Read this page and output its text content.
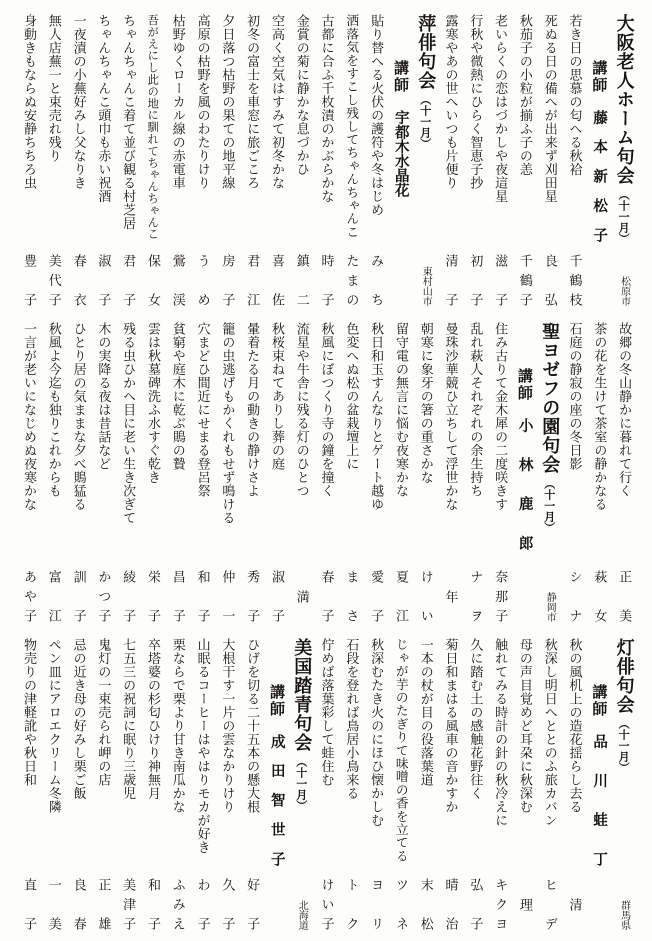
大阪老人ホーム句会
（十一月）
松原市
講師
藤本新松子
若き日の思慕の匂へる秋袷
千鶴枝
死ぬる日の備へが出来ず刈田星
良弘
秋茄子の小粒が揃ふ子の恙
千鶴子
老いらくの恋はづかしや夜這星
滋子
行秋や微熱にひらく智恵子抄
初子
露寒やあの世へいつも片便り
清子
萍俳句会
（十一月）
東村山市
講師
宇都木水晶花
貼り替へる火伏の護符や冬はじめ
みち
洒落気をすこし残してちゃんちゃんこ
たまの
古都に合ふ千枚漬のかぶらかな
時子
金賞の菊に静かな息づかひ
鎮二
空高く空気はすみて初冬かな
喜佐
初冬の富士を車窓に旅ごころ
君江
夕日落つ枯野の果ての地平線
房子
高原の枯野を風のわたりけり
うめ
枯野ゆくローカル線の赤電車
鶯渓
吾がえにし此の地に馴れてちゃんちゃんこ
保女
ちゃんちゃんこ着て並び観る村芝居
君子
ちゃんちゃんこ頭巾も赤い祝酒
淑子
一夜漬の小蕪好みし父なりき
春衣
無人店蕪一と束売れ残り
美代子
身動きもならぬ安静ちちろ虫
豊子
故郷の冬山静かに暮れて行く
正美
茶の花を生けて茶室の静かなる
萩女
石庭の静寂の座の冬日影
シナ
聖ヨゼフの園句会
（十一月）
静岡市
講師
小林鹿郎
住み古りて金木犀の二度咲きす
奈那子
乱れ萩人それぞれの余生持ち
ナヲ
曼珠沙華競ひ立ちして浮世かな
年
朝寒に象牙の箸の重さかな
けい
留守電の無言に悩む夜寒かな
夏江
秋日和玉すんなりとゲート越ゆ
愛子
色変へぬ松の盆栽壇上に
まさ
秋風にぼつくり寺の鐘を撞く
春子
流星や牛舎に残る灯のひとつ
満
秋桜束ねてありし葬の庭
淑子
暈着たる月の動きの静けさよ
秀子
籠の虫逃げもかくれもせず鳴ける
仲一
穴まどひ間近にせまる登呂祭
和子
貧窮や庭木に乾ぶ鵙の贄
昌子
雲は秋墓碑洗ふ水すぐ乾き
栄子
残る虫ひかへ目に老い生き次ぎて
綾子
木の実降る夜は昔話など
かつ子
ひとり居の気ままな夕べ鵙猛る
訓子
秋風よ今迄も独りこれからも
富江
一言が老いになじめぬ夜寒かな
あや子
灯俳句会
（十一月）
群馬県
講師
品川蛙丁
秋の風机上の造花揺らし去る
清
秋深し明日へととのふ旅カバン
ヒデ
母の声目覚めど耳朶に秋深む
理
触れてみる時計の針の秋冷えに
キクヨ
久に踏む土の感触花野往く
弘子
菊日和まはる風車の音かすか
晴治
一本の杖が目の役落葉道
末松
じゃが芋のたぎりて味噌の香を立てる
ツネ
秋深むたき火のにほひ懐かしむ
ヨリ
石段を登れば鳥居小鳥来る
トク
佇めば落葉彩して蛙住む
けい子
美国踏青句会
（十一月）
北海道
講師
成田智世子
ひげを切る二十五本の懸大根
好子
大根干す一片の雲なかりけり
久子
山眠るコーヒーはやはりモカが好き
わ子
栗ならで栗より甘き南瓜かな
ふみえ
卒塔婆の杉匂ひけり神無月
和子
七五三の祝詞に眠り三歳児
美津子
鬼灯の一束売られ岬の店
正雄
忌の近き母の好みし栗ご飯
良春
ペン皿にアロエクリーム冬隣
一美
物売りの津軽訛や秋日和
直子
